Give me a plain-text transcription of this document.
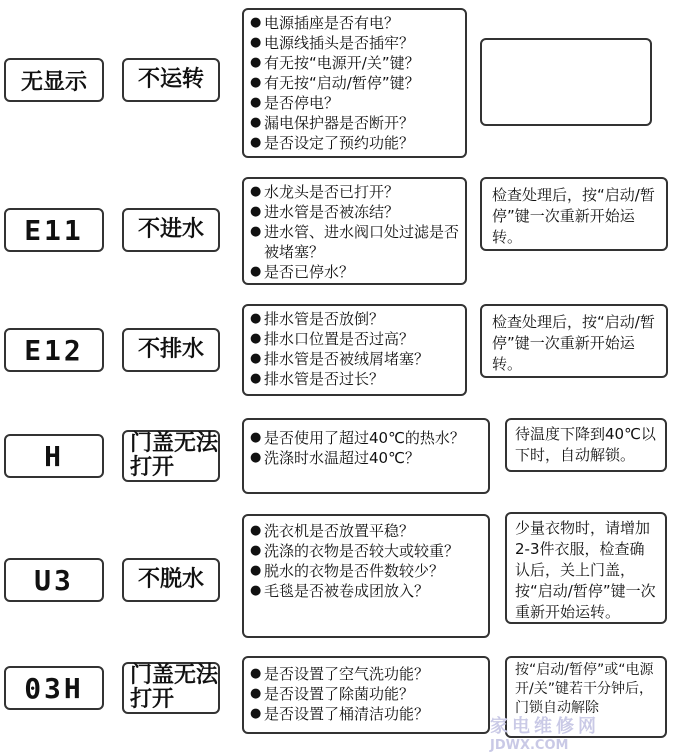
无显示	不运转
● 电源插座是否有电？
● 电源线插头是否插牢？
● 有无按“电源开/关”键？
● 有无按“启动/暂停”键？
● 是否停电？
● 漏电保护器是否断开？
● 是否设定了预约功能？
E11	不进水
● 水龙头是否已打开？
● 进水管是否被冻结？
● 进水管、进水阀口处过滤是否被堵塞？
● 是否已停水？
检查处理后，按“启动/暂停”键一次重新开始运转。
E12	不排水
● 排水管是否放倒？
● 排水口位置是否过高？
● 排水管是否被绒屑堵塞？
● 排水管是否过长？
检查处理后，按“启动/暂停”键一次重新开始运转。
H	门盖无法打开
● 是否使用了超过40℃的热水？
● 洗涤时水温超过40℃？
待温度下降到40℃以下时，自动解锁。
U3	不脱水
● 洗衣机是否放置平稳？
● 洗涤的衣物是否较大或较重？
● 脱水的衣物是否件数较少？
● 毛毯是否被卷成团放入？
少量衣物时，请增加2-3件衣服，检查确认后，关上门盖，按“启动/暂停”键一次重新开始运转。
03H	门盖无法打开
● 是否设置了空气洗功能？
● 是否设置了除菌功能？
● 是否设置了桶清洁功能？
按“启动/暂停”或“电源开/关”键若干分钟后，门锁自动解除
家电维修网 JDWX.COM
